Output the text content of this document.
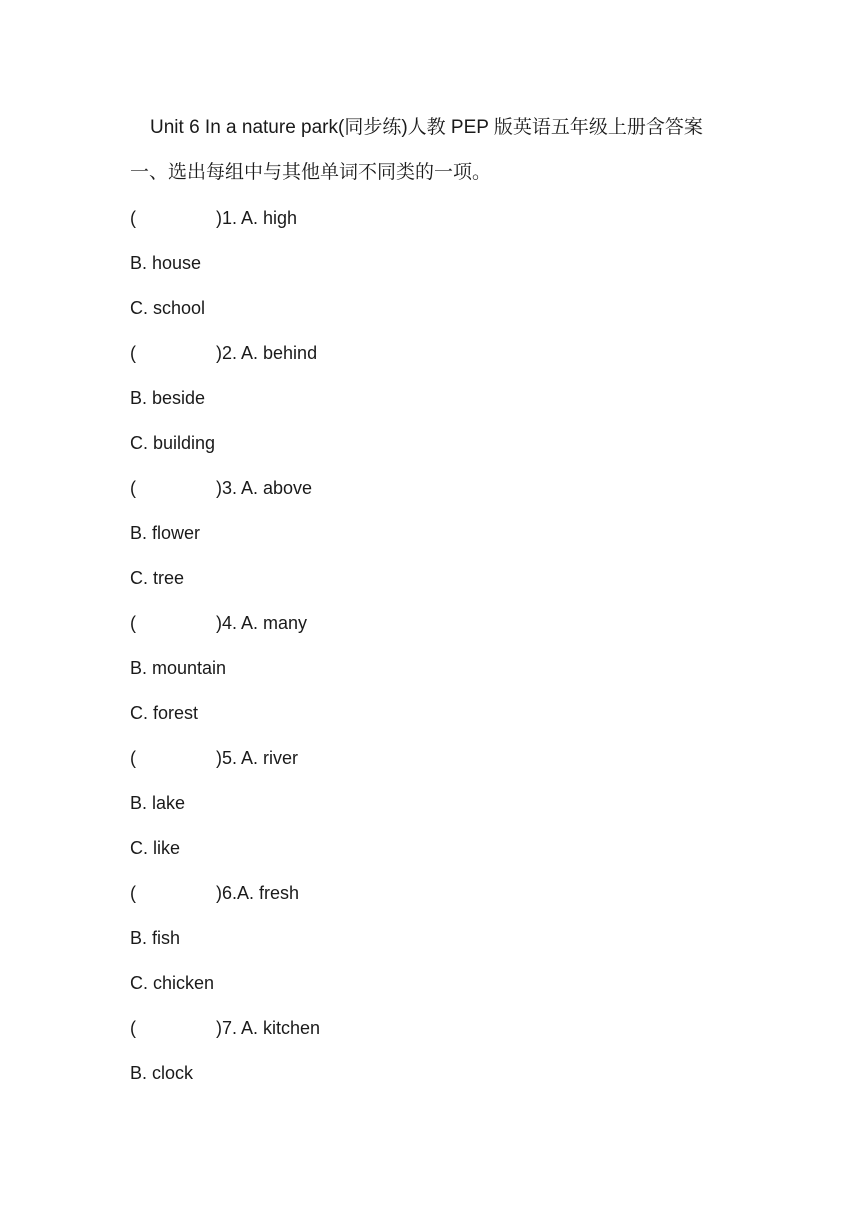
Unit 6 In a nature park(同步练)人教 PEP 版英语五年级上册含答案
一、选出每组中与其他单词不同类的一项。
(	)1. A. high
B. house
C. school
(	)2. A. behind
B. beside
C. building
(	)3. A. above
B. flower
C. tree
(	)4. A. many
B. mountain
C. forest
(	)5. A. river
B. lake
C. like
(	)6.A. fresh
B. fish
C. chicken
(	)7. A. kitchen
B. clock
